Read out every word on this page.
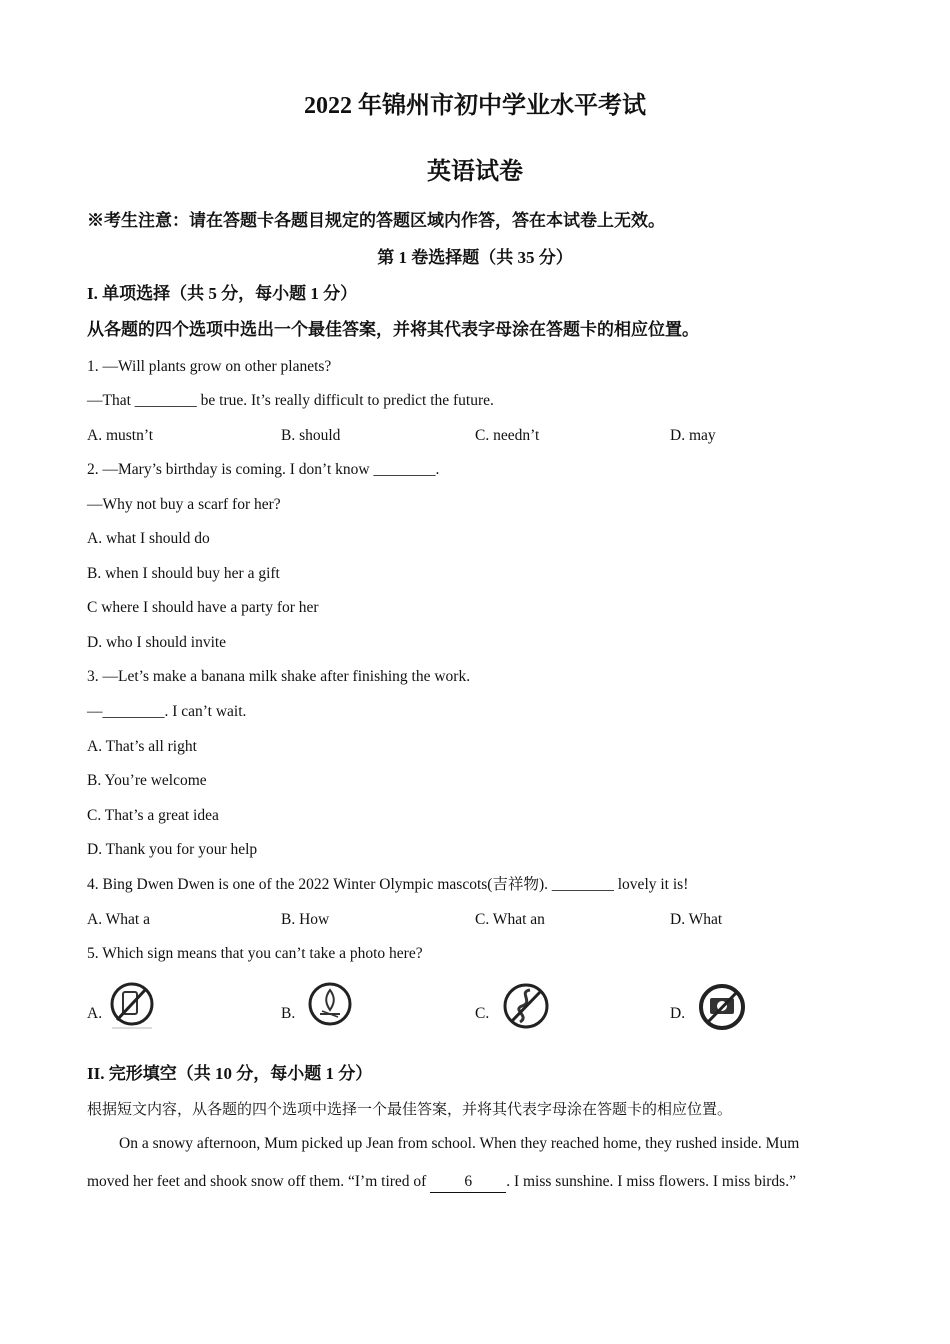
2022 年锦州市初中学业水平考试
英语试卷
※考生注意：请在答题卡各题目规定的答题区域内作答，答在本试卷上无效。
第 1 卷选择题（共 35 分）
I. 单项选择（共 5 分，每小题 1 分）
从各题的四个选项中选出一个最佳答案，并将其代表字母涂在答题卡的相应位置。
1. —Will plants grow on other planets?
—That ________ be true. It’s really difficult to predict the future.
A. mustn’t	B. should	C. needn’t	D. may
2. —Mary’s birthday is coming. I don’t know ________.
—Why not buy a scarf for her?
A. what I should do
B. when I should buy her a gift
C where I should have a party for her
D. who I should invite
3. —Let’s make a banana milk shake after finishing the work.
—________. I can’t wait.
A. That’s all right
B. You’re welcome
C. That’s a great idea
D. Thank you for your help
4. Bing Dwen Dwen is one of the 2022 Winter Olympic mascots(吉祥物). ________ lovely it is!
A. What a	B. How	C. What an	D. What
5. Which sign means that you can’t take a photo here?
A.	B.	C.	D.
II. 完形填空（共 10 分，每小题 1 分）
根据短文内容，从各题的四个选项中选择一个最佳答案，并将其代表字母涂在答题卡的相应位置。
On a snowy afternoon, Mum picked up Jean from school. When they reached home, they rushed inside. Mum
moved her feet and shook snow off them. “I’m tired of 6 . I miss sunshine. I miss flowers. I miss birds.”
